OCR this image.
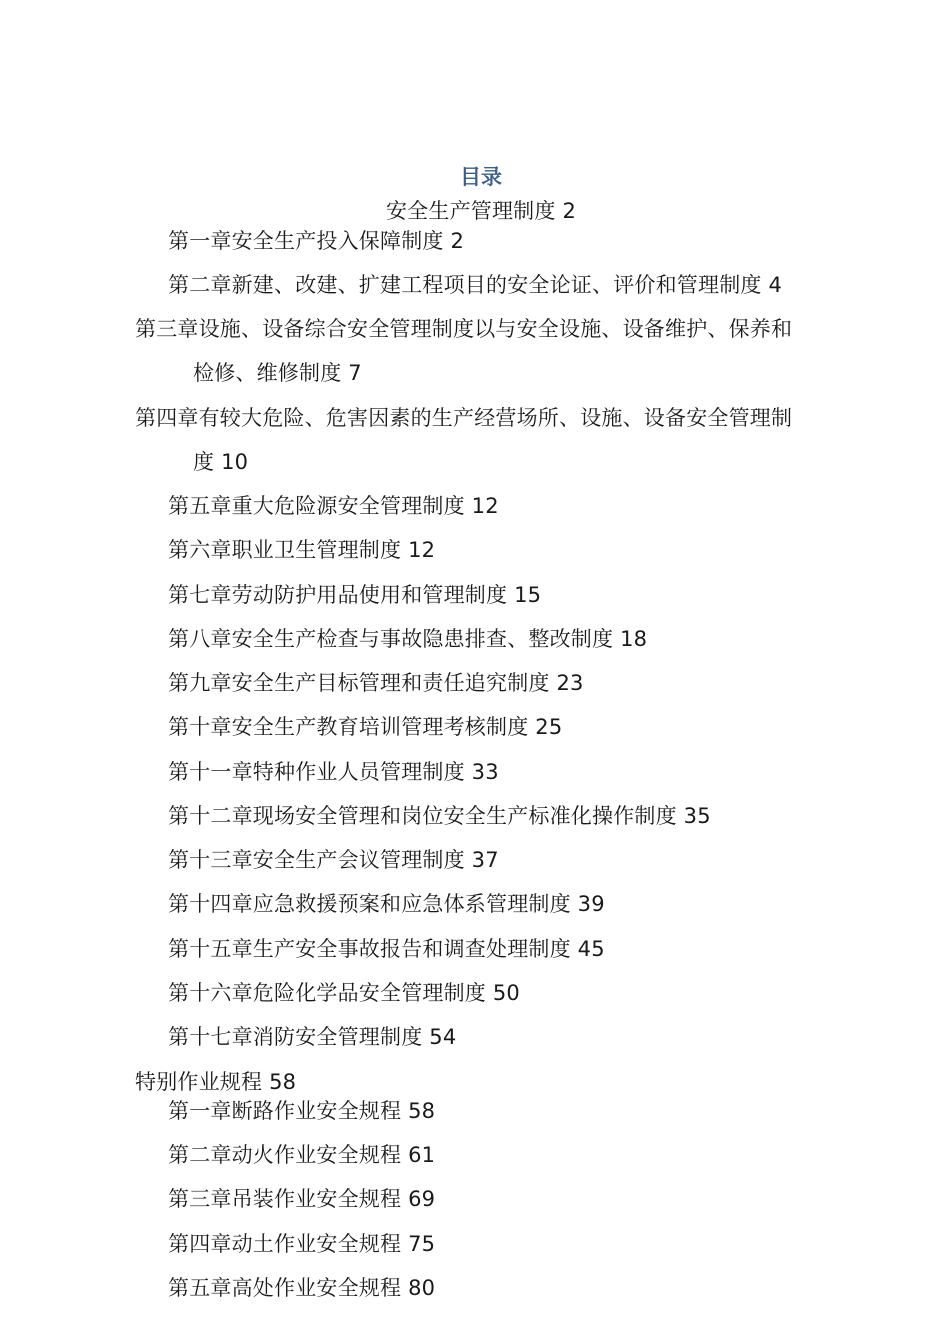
目录
安全生产管理制度 2
第一章安全生产投入保障制度 2
第二章新建、改建、扩建工程项目的安全论证、评价和管理制度 4
第三章设施、设备综合安全管理制度以与安全设施、设备维护、保养和
检修、维修制度 7
第四章有较大危险、危害因素的生产经营场所、设施、设备安全管理制
度 10
第五章重大危险源安全管理制度 12
第六章职业卫生管理制度 12
第七章劳动防护用品使用和管理制度 15
第八章安全生产检查与事故隐患排查、整改制度 18
第九章安全生产目标管理和责任追究制度 23
第十章安全生产教育培训管理考核制度 25
第十一章特种作业人员管理制度 33
第十二章现场安全管理和岗位安全生产标准化操作制度 35
第十三章安全生产会议管理制度 37
第十四章应急救援预案和应急体系管理制度 39
第十五章生产安全事故报告和调查处理制度 45
第十六章危险化学品安全管理制度 50
第十七章消防安全管理制度 54
特别作业规程 58
第一章断路作业安全规程 58
第二章动火作业安全规程 61
第三章吊装作业安全规程 69
第四章动土作业安全规程 75
第五章高处作业安全规程 80
